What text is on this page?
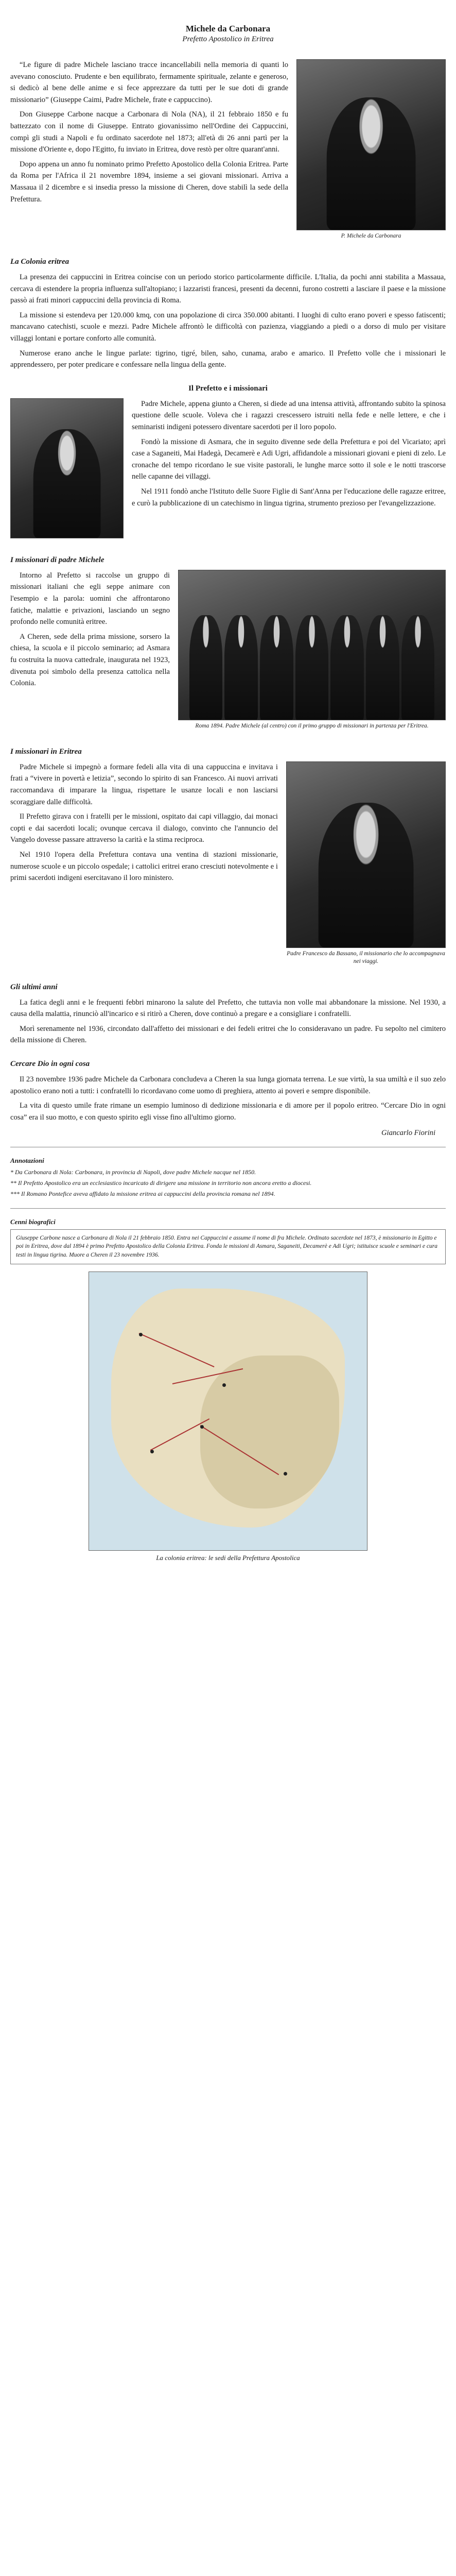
Michele da Carbonara
Prefetto Apostolico in Eritrea
P. Michele da Carbonara

“Le figure di padre Michele lasciano tracce incancellabili nella memoria di quanti lo avevano conosciuto. Prudente e ben equilibrato, fermamente spirituale, zelante e generoso, si dedicò al bene delle anime e si fece apprezzare da tutti per le sue doti di grande missionario” (Giuseppe Caimi, Padre Michele, frate e cappuccino).

Don Giuseppe Carbone nacque a Carbonara di Nola (NA), il 21 febbraio 1850 e fu battezzato con il nome di Giuseppe. Entrato giovanissimo nell'Ordine dei Cappuccini, compì gli studi a Napoli e fu ordinato sacerdote nel 1873; all'età di 26 anni partì per la missione d'Oriente e, dopo l'Egitto, fu inviato in Eritrea, dove restò per oltre quarant'anni.

Dopo appena un anno fu nominato primo Prefetto Apostolico della Colonia Eritrea. Parte da Roma per l'Africa il 21 novembre 1894, insieme a sei giovani missionari. Arriva a Massaua il 2 dicembre e si insedia presso la missione di Cheren, dove stabilì la sede della Prefettura.

La Colonia eritrea

La presenza dei cappuccini in Eritrea coincise con un periodo storico particolarmente difficile. L'Italia, da pochi anni stabilita a Massaua, cercava di estendere la propria influenza sull'altopiano; i lazzaristi francesi, presenti da decenni, furono costretti a lasciare il paese e la missione passò ai frati minori cappuccini della provincia di Roma.

La missione si estendeva per 120.000 kmq, con una popolazione di circa 350.000 abitanti. I luoghi di culto erano poveri e spesso fatiscenti; mancavano catechisti, scuole e mezzi. Padre Michele affrontò le difficoltà con pazienza, viaggiando a piedi o a dorso di mulo per visitare villaggi lontani e portare conforto alle comunità.

Numerose erano anche le lingue parlate: tigrino, tigré, bilen, saho, cunama, arabo e amarico. Il Prefetto volle che i missionari le apprendessero, per poter predicare e confessare nella lingua della gente.

Il Prefetto e i missionari

Padre Michele, appena giunto a Cheren, si diede ad una intensa attività, affrontando subito la spinosa questione delle scuole. Voleva che i ragazzi crescessero istruiti nella fede e nelle lettere, e che i seminaristi indigeni potessero diventare sacerdoti per il loro popolo.

Fondò la missione di Asmara, che in seguito divenne sede della Prefettura e poi del Vicariato; aprì case a Saganeiti, Mai Hadegà, Decamerè e Adi Ugri, affidandole a missionari giovani e pieni di zelo. Le cronache del tempo ricordano le sue visite pastorali, le lunghe marce sotto il sole e le notti trascorse nelle capanne dei villaggi.

Nel 1911 fondò anche l'Istituto delle Suore Figlie di Sant'Anna per l'educazione delle ragazze eritree, e curò la pubblicazione di un catechismo in lingua tigrina, strumento prezioso per l'evangelizzazione.

I missionari di padre Michele
Roma 1894. Padre Michele (al centro) con il primo gruppo di missionari in partenza per l'Eritrea.

Intorno al Prefetto si raccolse un gruppo di missionari italiani che egli seppe animare con l'esempio e la parola: uomini che affrontarono fatiche, malattie e privazioni, lasciando un segno profondo nelle comunità eritree.

A Cheren, sede della prima missione, sorsero la chiesa, la scuola e il piccolo seminario; ad Asmara fu costruita la nuova cattedrale, inaugurata nel 1923, divenuta poi simbolo della presenza cattolica nella Colonia.

I missionari in Eritrea
Padre Francesco da Bassano, il missionario che lo accompagnava nei viaggi.

Padre Michele si impegnò a formare fedeli alla vita di una cappuccina e invitava i frati a “vivere in povertà e letizia”, secondo lo spirito di san Francesco. Ai nuovi arrivati raccomandava di imparare la lingua, rispettare le usanze locali e non lasciarsi scoraggiare dalle difficoltà.

Il Prefetto girava con i fratelli per le missioni, ospitato dai capi villaggio, dai monaci copti e dai sacerdoti locali; ovunque cercava il dialogo, convinto che l'annuncio del Vangelo dovesse passare attraverso la carità e la stima reciproca.

Nel 1910 l'opera della Prefettura contava una ventina di stazioni missionarie, numerose scuole e un piccolo ospedale; i cattolici eritrei erano cresciuti notevolmente e i primi sacerdoti indigeni esercitavano il loro ministero.

Gli ultimi anni

La fatica degli anni e le frequenti febbri minarono la salute del Prefetto, che tuttavia non volle mai abbandonare la missione. Nel 1930, a causa della malattia, rinunciò all'incarico e si ritirò a Cheren, dove continuò a pregare e a consigliare i confratelli.

Morì serenamente nel 1936, circondato dall'affetto dei missionari e dei fedeli eritrei che lo consideravano un padre. Fu sepolto nel cimitero della missione di Cheren.

Cercare Dio in ogni cosa

Il 23 novembre 1936 padre Michele da Carbonara concludeva a Cheren la sua lunga giornata terrena. Le sue virtù, la sua umiltà e il suo zelo apostolico erano noti a tutti: i confratelli lo ricordavano come uomo di preghiera, attento ai poveri e sempre disponibile.

La vita di questo umile frate rimane un esempio luminoso di dedizione missionaria e di amore per il popolo eritreo. “Cercare Dio in ogni cosa” era il suo motto, e con questo spirito egli visse fino all'ultimo giorno.

Giancarlo Fiorini
Annotazioni

* Da Carbonara di Nola: Carbonara, in provincia di Napoli, dove padre Michele nacque nel 1850.

** Il Prefetto Apostolico era un ecclesiastico incaricato di dirigere una missione in territorio non ancora eretto a diocesi.

*** Il Romano Pontefice aveva affidato la missione eritrea ai cappuccini della provincia romana nel 1894.

Cenni biografici
Giuseppe Carbone nasce a Carbonara di Nola il 21 febbraio 1850. Entra nei Cappuccini e assume il nome di fra Michele. Ordinato sacerdote nel 1873, è missionario in Egitto e poi in Eritrea, dove dal 1894 è primo Prefetto Apostolico della Colonia Eritrea. Fonda le missioni di Asmara, Saganeiti, Decamerè e Adi Ugri; istituisce scuole e seminari e cura testi in lingua tigrina. Muore a Cheren il 23 novembre 1936.
La colonia eritrea: le sedi della Prefettura Apostolica
